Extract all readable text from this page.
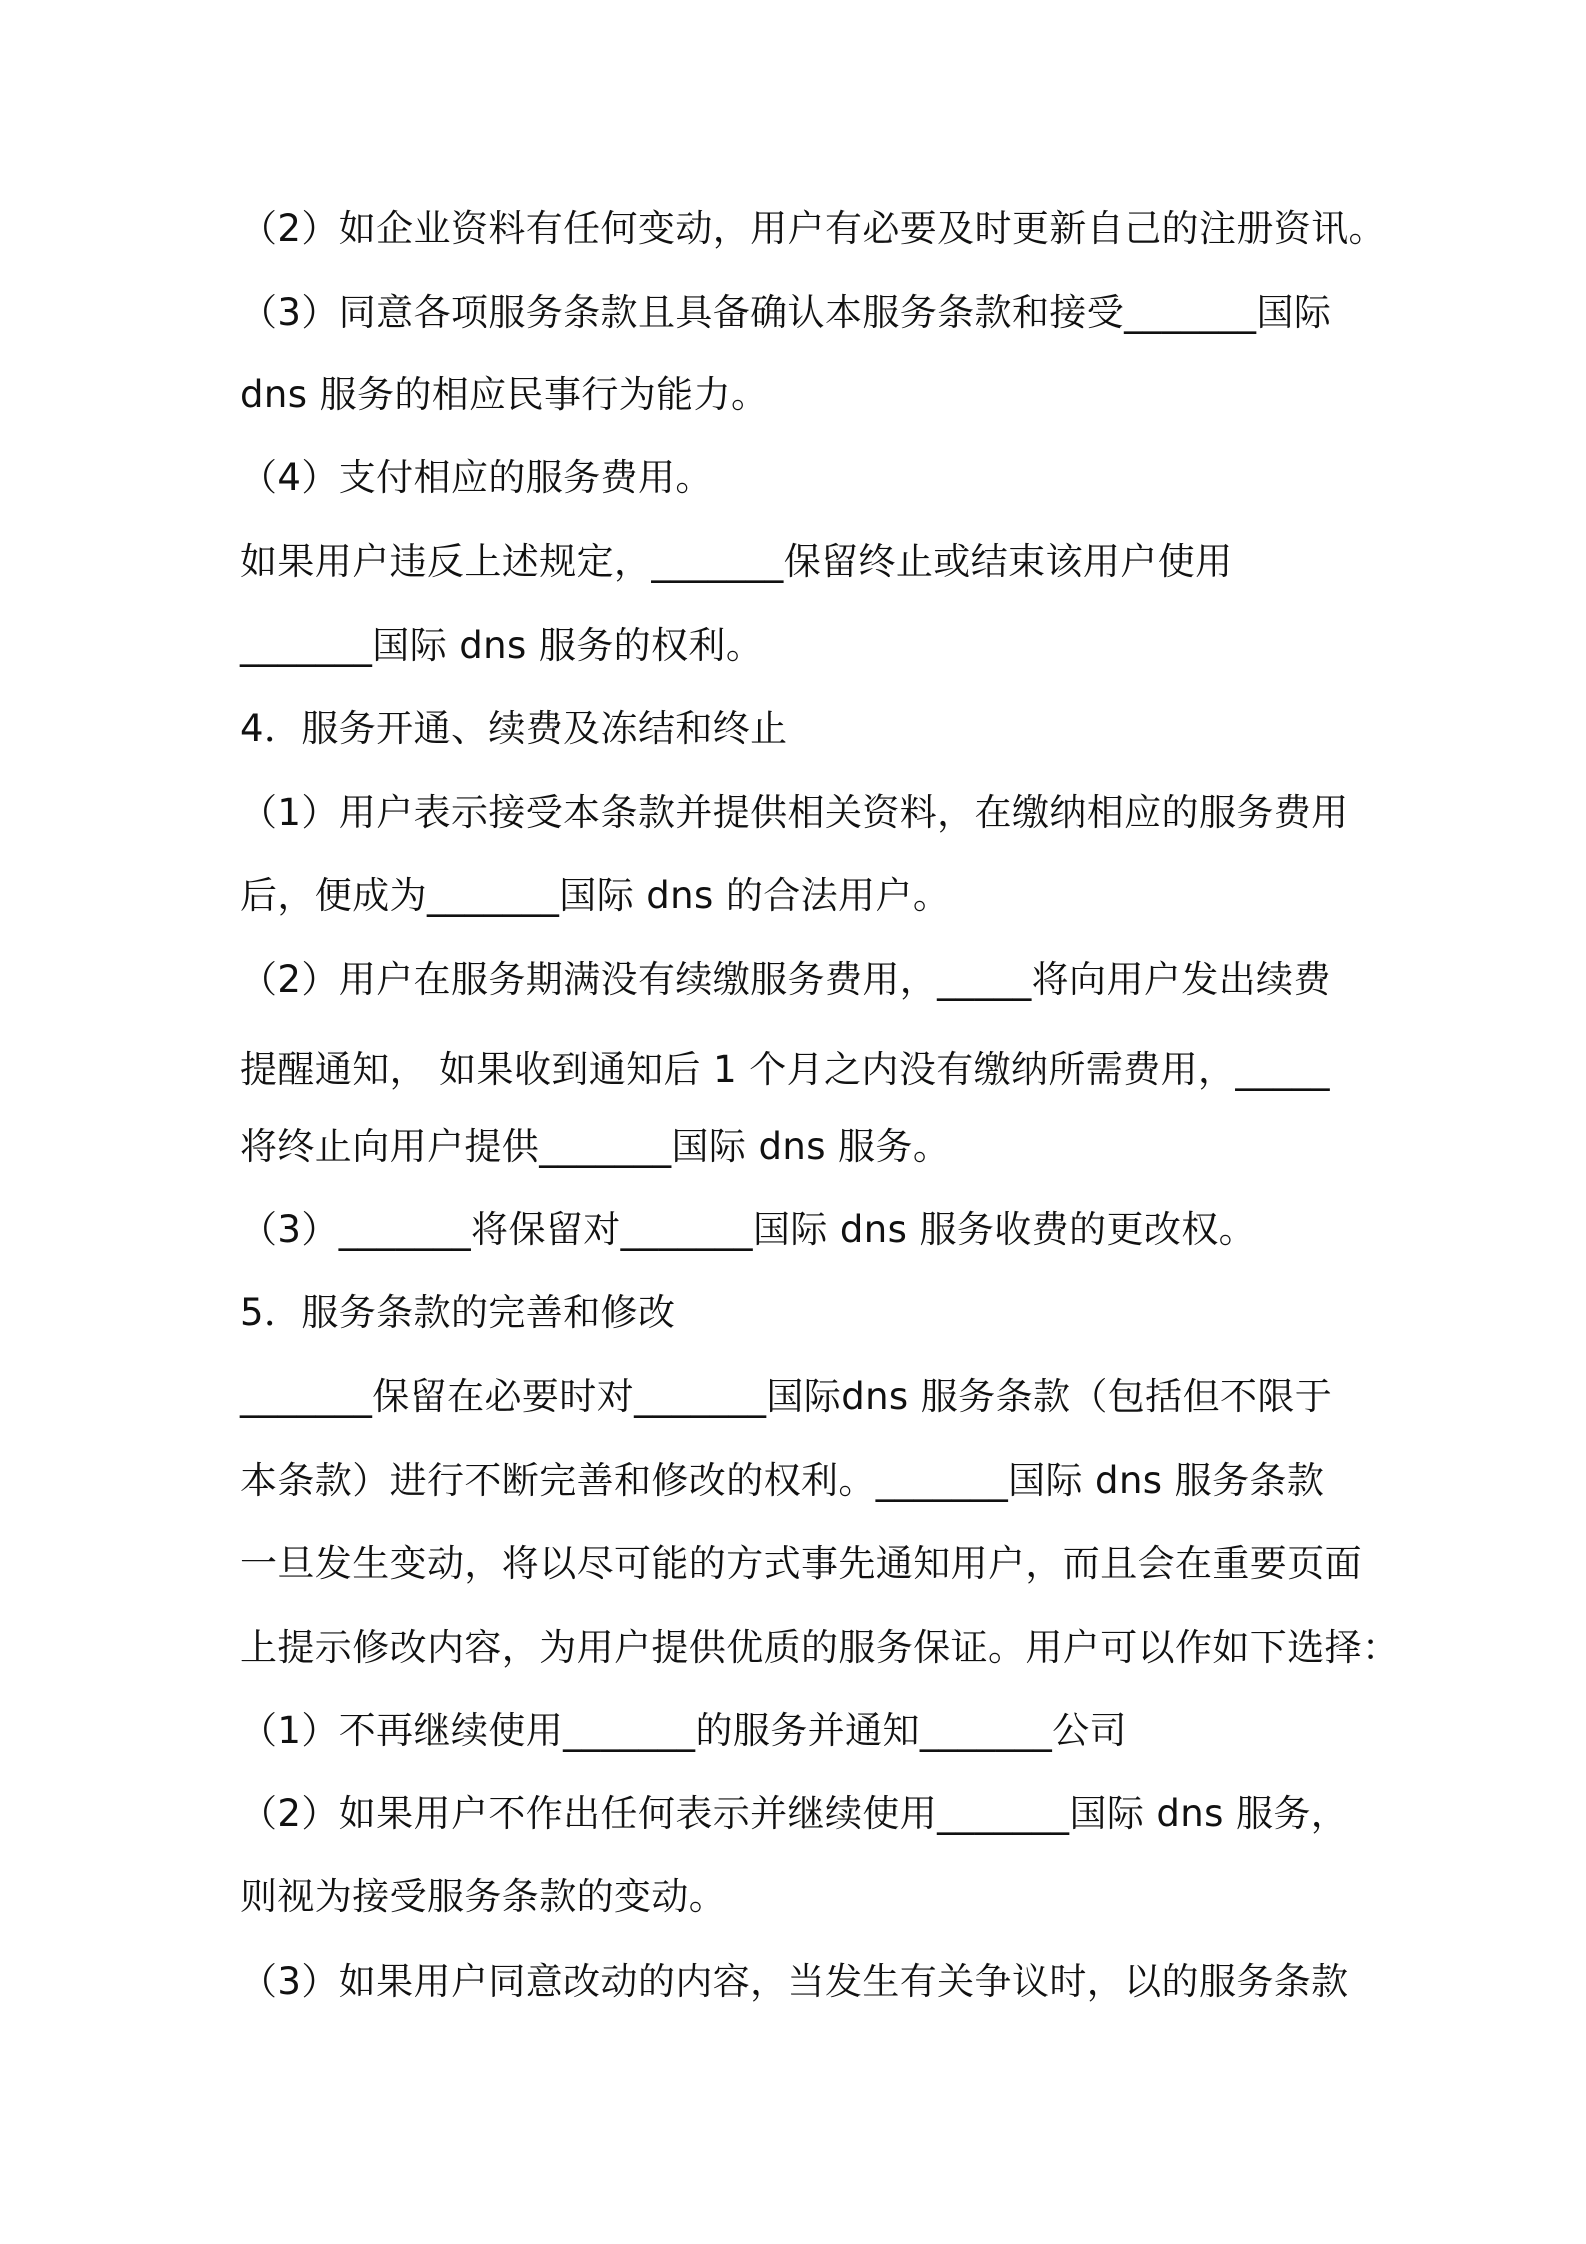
（2）如企业资料有任何变动，用户有必要及时更新自己的注册资讯。
（3）同意各项服务条款且具备确认本服务条款和接受_______国际
dns 服务的相应民事行为能力。
（4）支付相应的服务费用。
如果用户违反上述规定，_______保留终止或结束该用户使用
_______国际 dns 服务的权利。
4．服务开通、续费及冻结和终止
（1）用户表示接受本条款并提供相关资料，在缴纳相应的服务费用
后，便成为_______国际 dns 的合法用户。
（2）用户在服务期满没有续缴服务费用，_____将向用户发出续费
提醒通知， 如果收到通知后 1 个月之内没有缴纳所需费用，_____
将终止向用户提供_______国际 dns 服务。
（3）_______将保留对_______国际 dns 服务收费的更改权。
5．服务条款的完善和修改
_______保留在必要时对_______国际dns 服务条款（包括但不限于
本条款）进行不断完善和修改的权利。_______国际 dns 服务条款
一旦发生变动，将以尽可能的方式事先通知用户，而且会在重要页面
上提示修改内容，为用户提供优质的服务保证。用户可以作如下选择：
（1）不再继续使用_______的服务并通知_______公司
（2）如果用户不作出任何表示并继续使用_______国际 dns 服务，
则视为接受服务条款的变动。
（3）如果用户同意改动的内容，当发生有关争议时，以的服务条款
